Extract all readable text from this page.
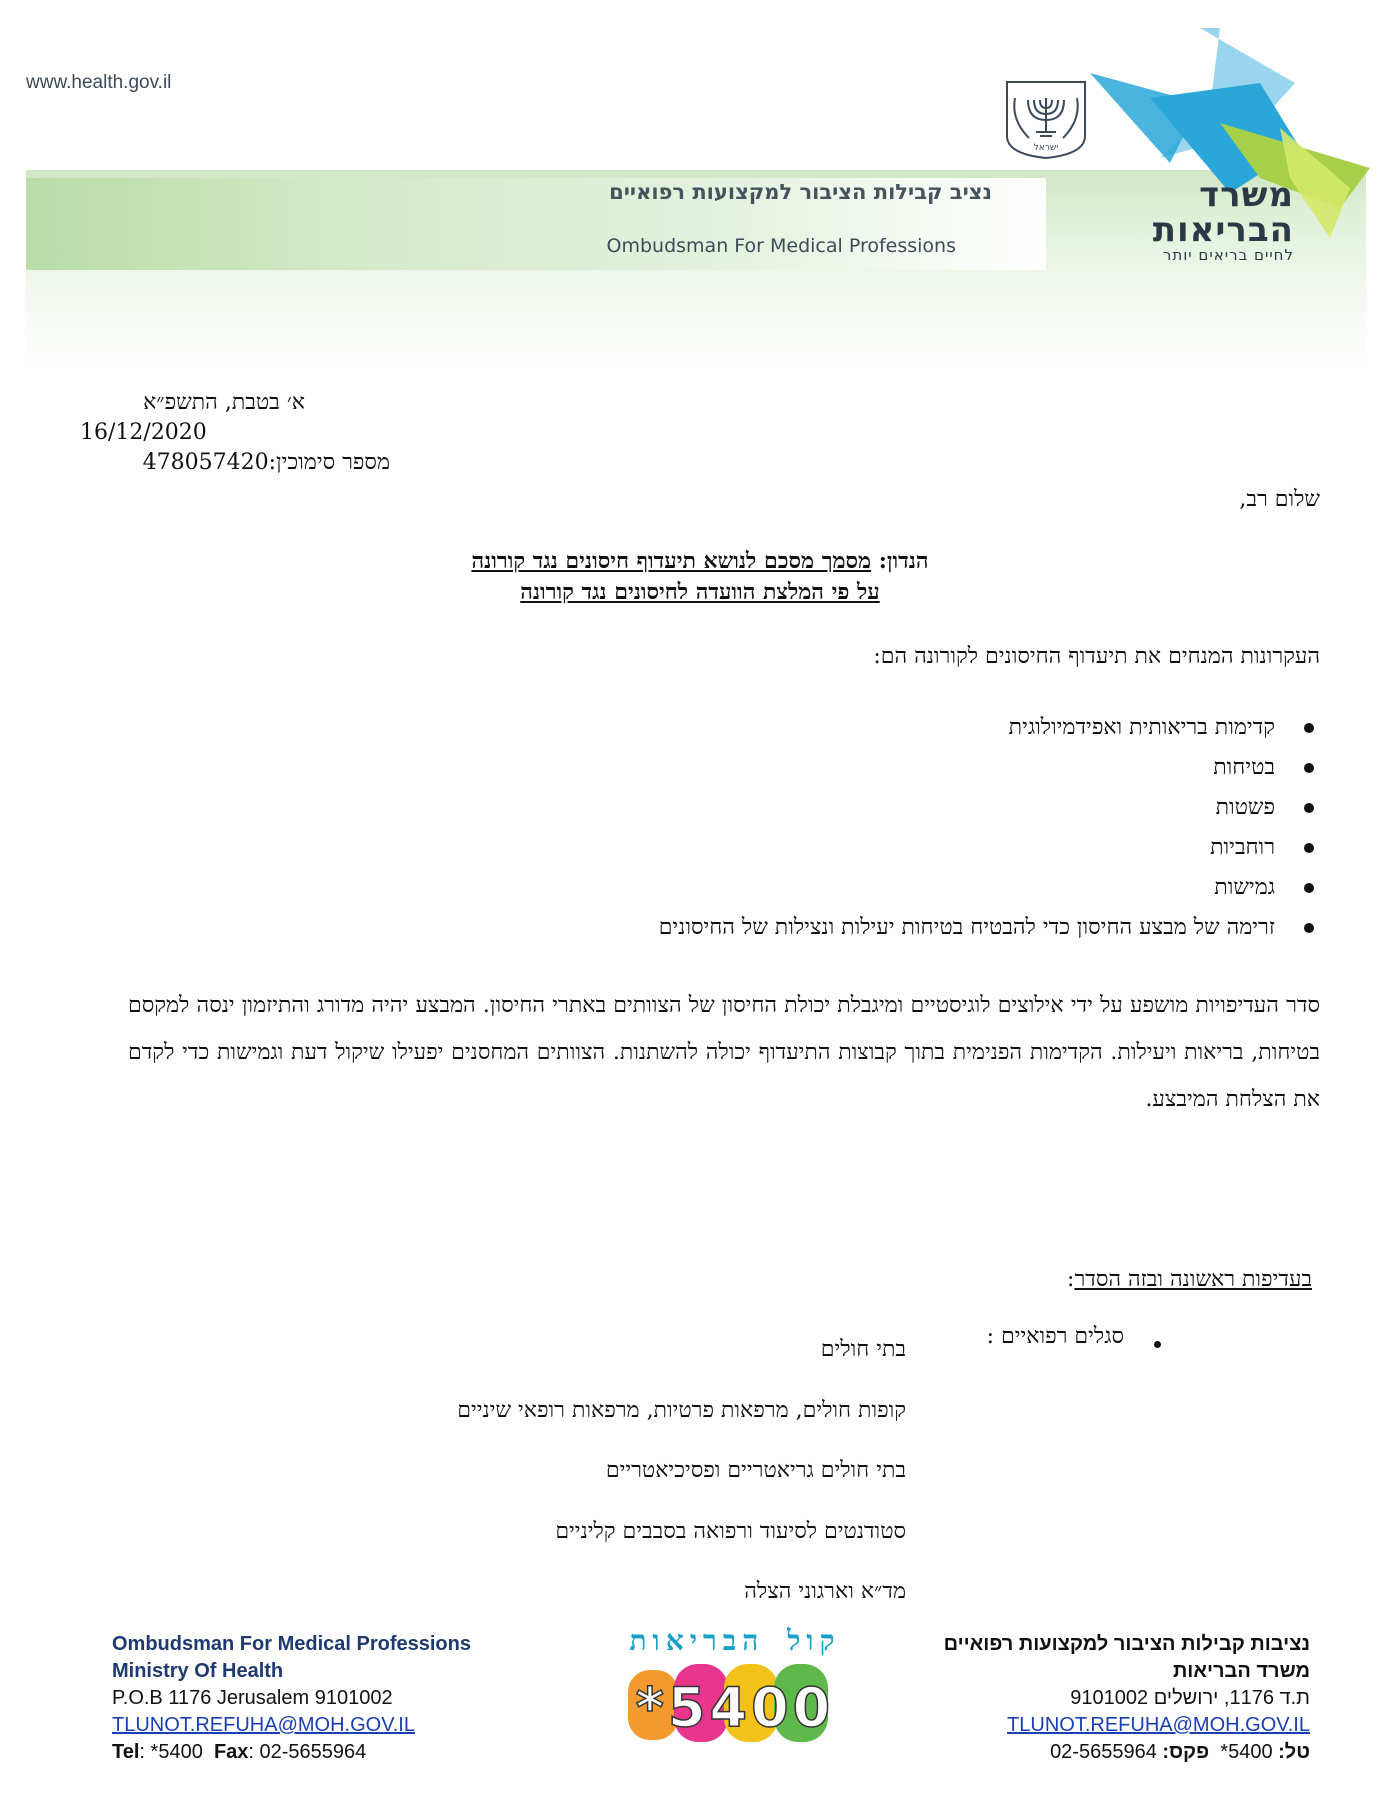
www.health.gov.il
נציב קבילות הציבור למקצועות רפואיים
Ombudsman For Medical Professions
ישראל
משרד
הבריאות
לחיים בריאים יותר
א׳ בטבת, התשפ״א
16/12/2020
מספר סימוכין:478057420
שלום רב,
הנדון: מסמך מסכם לנושא תיעדוף חיסונים נגד קורונה
על פי המלצת הוועדה לחיסונים נגד קורונה
העקרונות המנחים את תיעדוף החיסונים לקורונה הם:
קדימות בריאותית ואפידמיולוגית
בטיחות
פשטות
רוחביות
גמישות
זרימה של מבצע החיסון כדי להבטיח בטיחות יעילות ונצילות של החיסונים
סדר העדיפויות מושפע על ידי אילוצים לוגיסטיים ומיגבלת יכולת החיסון של הצוותים באתרי החיסון. המבצע יהיה מדורג והתיזמון ינסה למקסם בטיחות, בריאות ויעילות. הקדימות הפנימית בתוך קבוצות התיעדוף יכולה להשתנות. הצוותים המחסנים יפעילו שיקול דעת וגמישות כדי לקדם את הצלחת המיבצע.
בעדיפות ראשונה ובזה הסדר:
סגלים רפואיים :
בתי חולים
קופות חולים, מרפאות פרטיות, מרפאות רופאי שיניים
בתי חולים גריאטריים ופסיכיאטריים
סטודנטים לסיעוד ורפואה בסבבים קליניים
מד״א וארגוני הצלה
Ombudsman For Medical Professions
Ministry Of Health
P.O.B 1176 Jerusalem 9101002
TLUNOT.REFUHA@MOH.GOV.IL
Tel: *5400 Fax: 02-5655964
*5400
קול הבריאות	נציבות קבילות הציבור למקצועות רפואיים
משרד הבריאות
ת.ד 1176, ירושלים 9101002
TLUNOT.REFUHA@MOH.GOV.IL
טל: 5400*  פקס: 02-5655964
